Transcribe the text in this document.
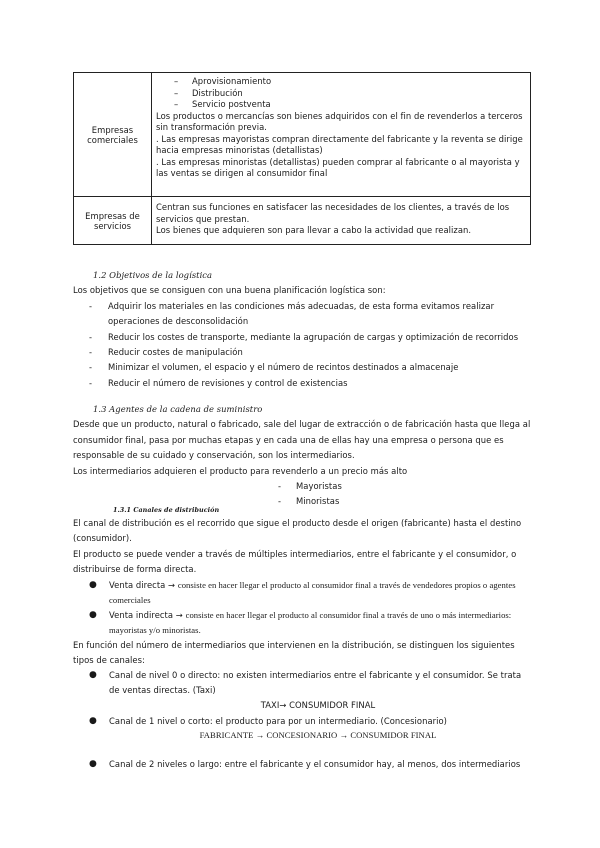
Empresas comerciales
– Aprovisionamiento
– Distribución
– Servicio postventa

Los productos o mercancías son bienes adquiridos con el fin de revenderlos a terceros sin transformación previa.

. Las empresas mayoristas compran directamente del fabricante y la reventa se dirige hacia empresas minoristas (detallistas)

. Las empresas minoristas (detallistas) pueden comprar al fabricante o al mayorista y las ventas se dirigen al consumidor final

Empresas de servicios

Centran sus funciones en satisfacer las necesidades de los clientes, a través de los servicios que prestan.

Los bienes que adquieren son para llevar a cabo la actividad que realizan.

1.2 Objetivos de la logística

Los objetivos que se consiguen con una buena planificación logística son:

- Adquirir los materiales en las condiciones más adecuadas, de esta forma evitamos realizar operaciones de desconsolidación
- Reducir los costes de transporte, mediante la agrupación de cargas y optimización de recorridos
- Reducir costes de manipulación
- Minimizar el volumen, el espacio y el número de recintos destinados a almacenaje
- Reducir el número de revisiones y control de existencias

1.3 Agentes de la cadena de suministro

Desde que un producto, natural o fabricado, sale del lugar de extracción o de fabricación hasta que llega al consumidor final, pasa por muchas etapas y en cada una de ellas hay una empresa o persona que es responsable de su cuidado y conservación, son los intermediarios.

Los intermediarios adquieren el producto para revenderlo a un precio más alto

- Mayoristas
- Minoristas

1.3.1 Canales de distribución

El canal de distribución es el recorrido que sigue el producto desde el origen (fabricante) hasta el destino (consumidor).

El producto se puede vender a través de múltiples intermediarios, entre el fabricante y el consumidor, o distribuirse de forma directa.

● Venta directa → consiste en hacer llegar el producto al consumidor final a través de vendedores propios o agentes comerciales
● Venta indirecta → consiste en hacer llegar el producto al consumidor final a través de uno o más intermediarios: mayoristas y/o minoristas.

En función del número de intermediarios que intervienen en la distribución, se distinguen los siguientes tipos de canales:

● Canal de nivel 0 o directo: no existen intermediarios entre el fabricante y el consumidor. Se trata de ventas directas. (Taxi)

TAXI→ CONSUMIDOR FINAL

● Canal de 1 nivel o corto: el producto para por un intermediario. (Concesionario)

FABRICANTE → CONCESIONARIO → CONSUMIDOR FINAL

● Canal de 2 niveles o largo: entre el fabricante y el consumidor hay, al menos, dos intermediarios
